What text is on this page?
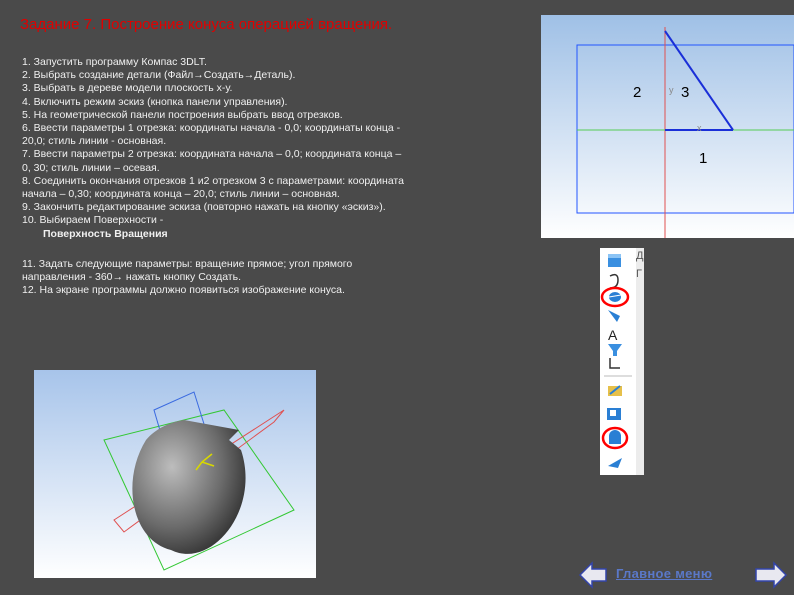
Задание 7. Построение конуса операцией вращения.
1. Запустить программу Компас 3DLT.
2. Выбрать создание детали (Файл→Создать→Деталь).
3. Выбрать в дереве модели плоскость х-у.
4. Включить режим эскиз (кнопка панели управления).
5. На геометрической панели построения выбрать ввод отрезков.
6. Ввести параметры 1 отрезка: координаты начала - 0,0; координаты конца -
20,0; стиль линии - основная.
7. Ввести параметры 2 отрезка: координата начала – 0,0; координата конца –
0, 30; стиль линии – осевая.
8. Соединить окончания отрезков 1 и2 отрезком 3 с параметрами: координата
начала – 0,30; координата конца – 20,0; стиль линии – основная.
9. Закончить редактирование эскиза (повторно нажать на кнопку «эскиз»).
10. Выбираем Поверхности -
Поверхность Вращения
11. Задать следующие параметры: вращение прямое; угол прямого
направления - 360→ нажать кнопку Создать.
12. На экране программы должно появиться изображение конуса.
y
x
2	3
1
A
Д
Г
Главное меню
